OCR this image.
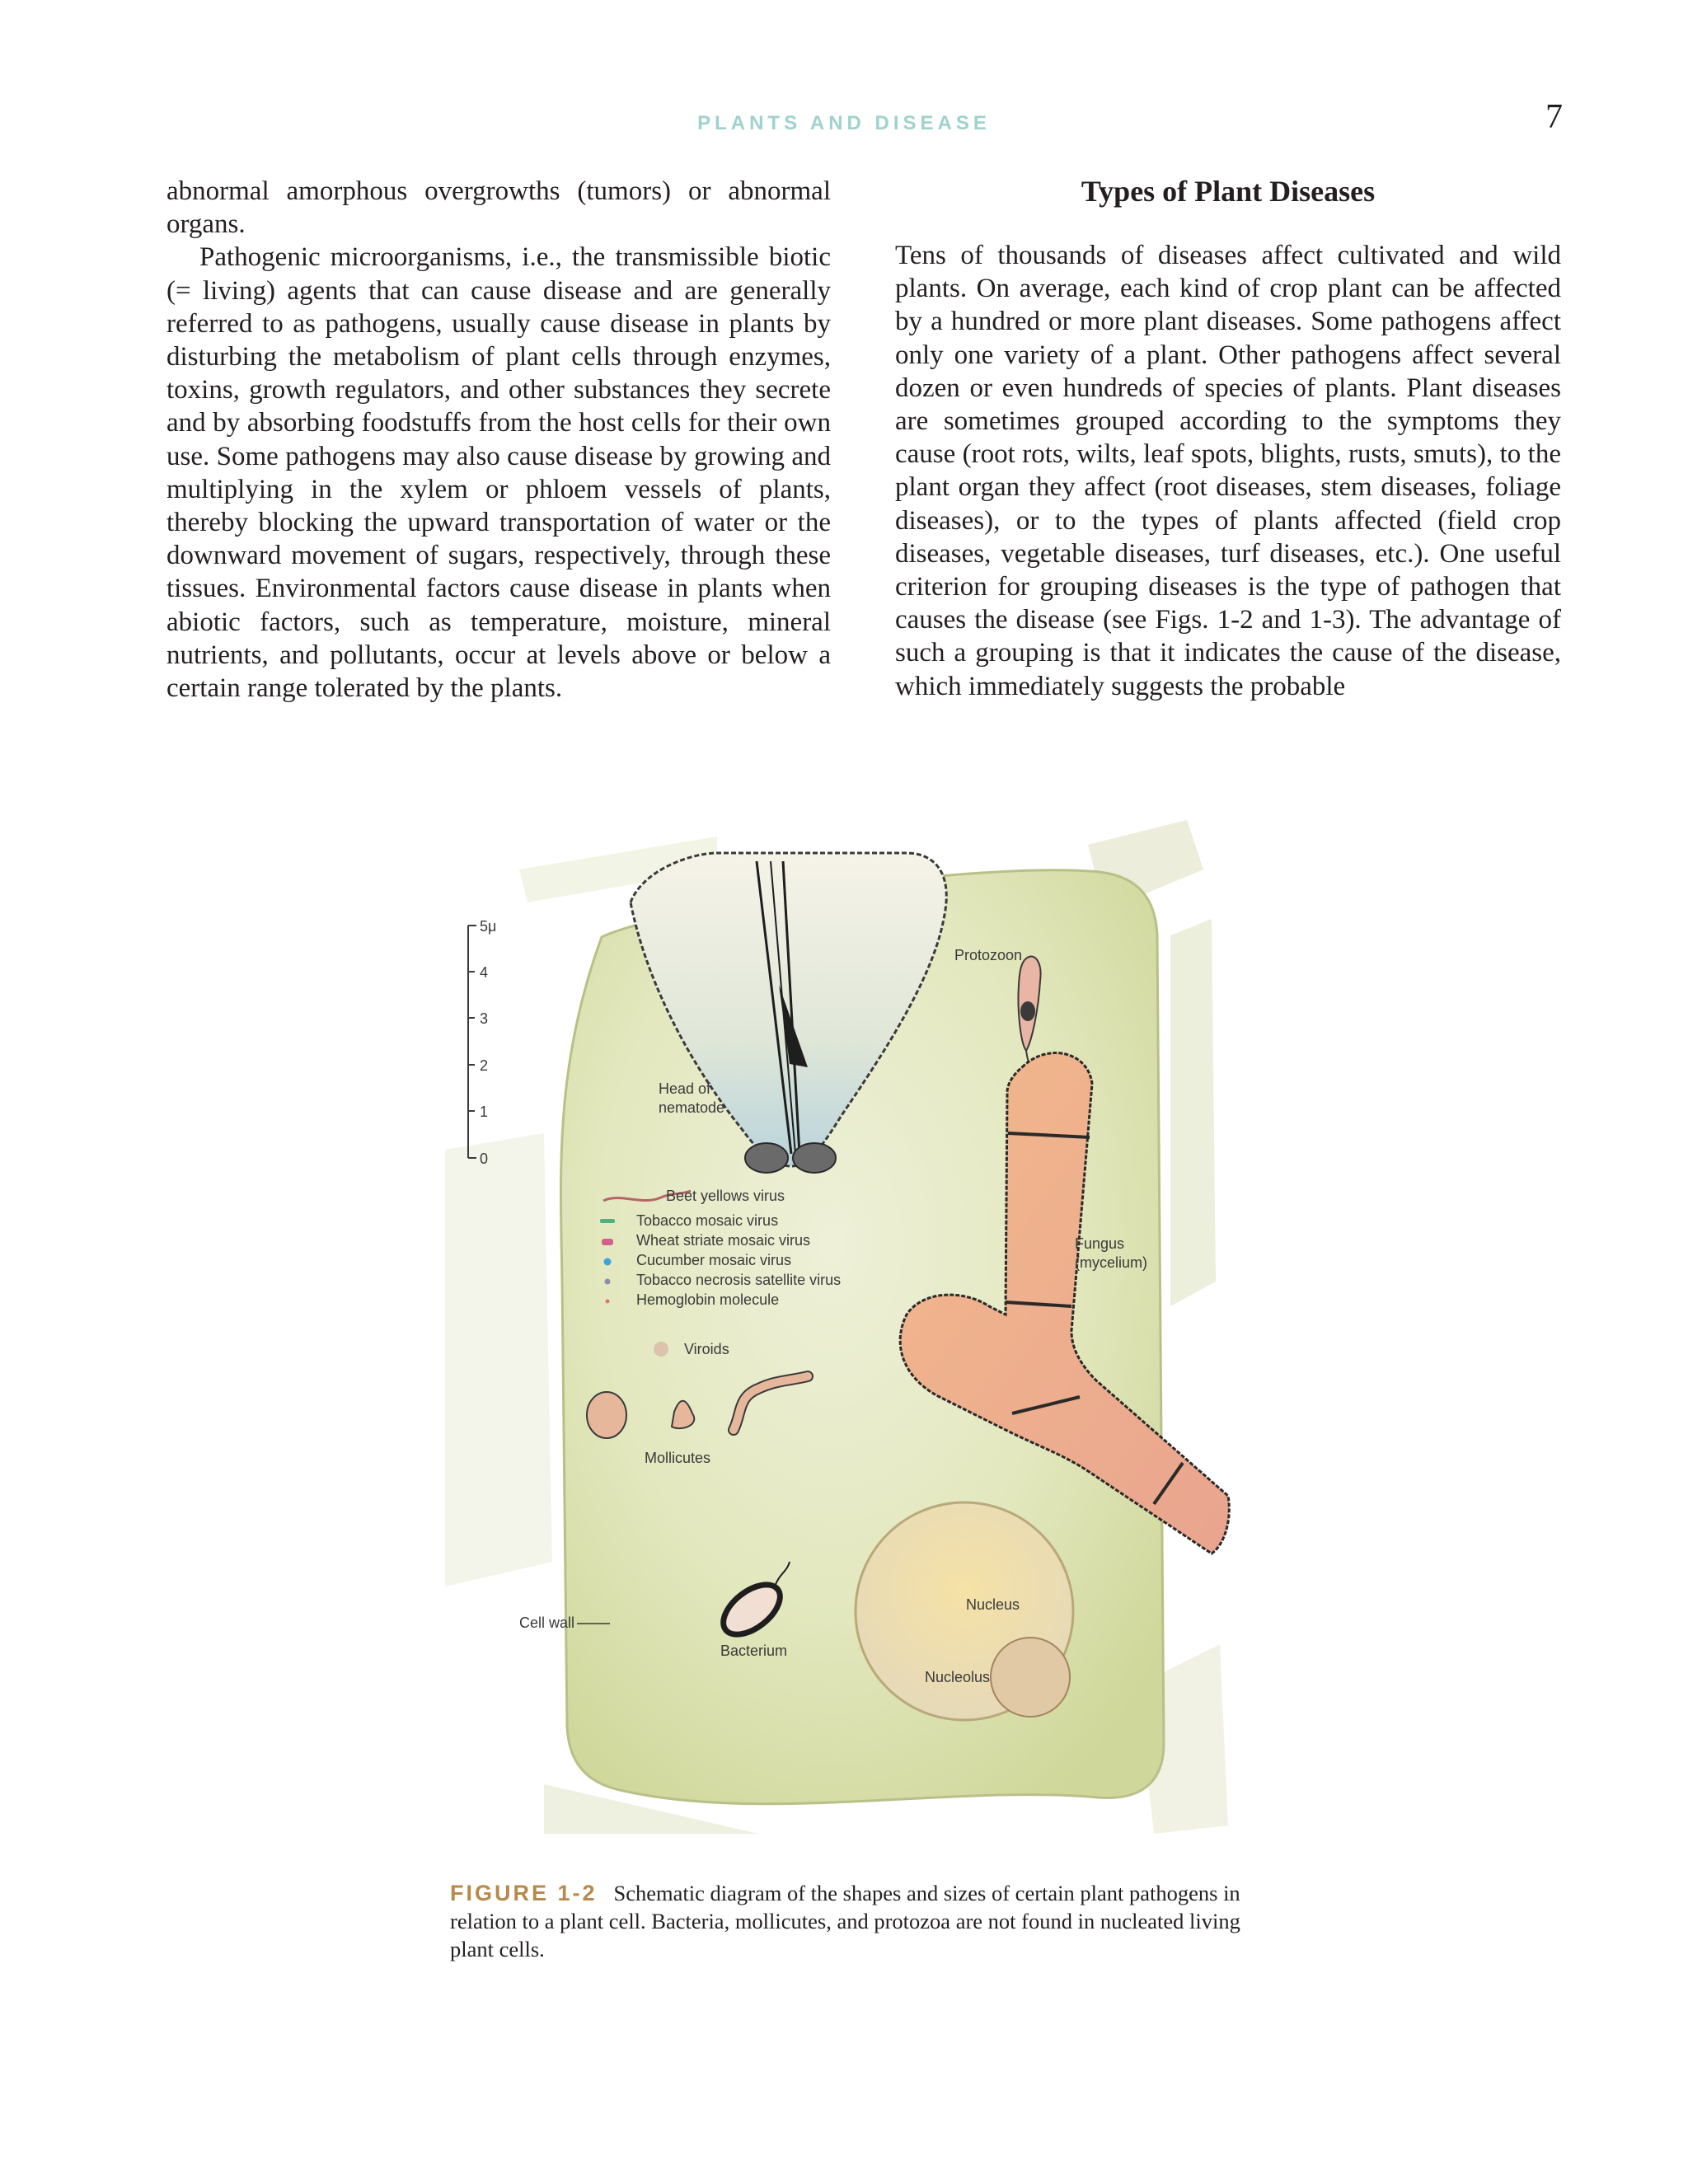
PLANTS AND DISEASE	7

abnormal amorphous overgrowths (tumors) or abnormal organs.

Pathogenic microorganisms, i.e., the transmissible biotic (= living) agents that can cause disease and are generally referred to as pathogens, usually cause disease in plants by disturbing the metabolism of plant cells through enzymes, toxins, growth regulators, and other substances they secrete and by absorbing foodstuffs from the host cells for their own use. Some pathogens may also cause disease by growing and multiplying in the xylem or phloem vessels of plants, thereby blocking the upward transportation of water or the downward movement of sugars, respectively, through these tissues. Environmental factors cause disease in plants when abiotic factors, such as temperature, moisture, mineral nutrients, and pollutants, occur at levels above or below a certain range tolerated by the plants.

Types of Plant Diseases

Tens of thousands of diseases affect cultivated and wild plants. On average, each kind of crop plant can be affected by a hundred or more plant diseases. Some pathogens affect only one variety of a plant. Other pathogens affect several dozen or even hundreds of species of plants. Plant diseases are sometimes grouped according to the symptoms they cause (root rots, wilts, leaf spots, blights, rusts, smuts), to the plant organ they affect (root diseases, stem diseases, foliage diseases), or to the types of plants affected (field crop diseases, vegetable diseases, turf diseases, etc.). One useful criterion for grouping diseases is the type of pathogen that causes the disease (see Figs. 1-2 and 1-3). The advantage of such a grouping is that it indicates the cause of the disease, which immediately suggests the probable

5μ
4
3
2
1
0
Beet yellows virus
Tobacco mosaic virus
Wheat striate mosaic virus
Cucumber mosaic virus
Tobacco necrosis satellite virus
Hemoglobin molecule
Protozoon
Head of
nematode
Fungus
(mycelium)
Viroids
Mollicutes
Cell wall
Bacterium
Nucleus
Nucleolus
FIGURE 1-2 Schematic diagram of the shapes and sizes of certain plant pathogens in relation to a plant cell. Bacteria, mollicutes, and protozoa are not found in nucleated living plant cells.
